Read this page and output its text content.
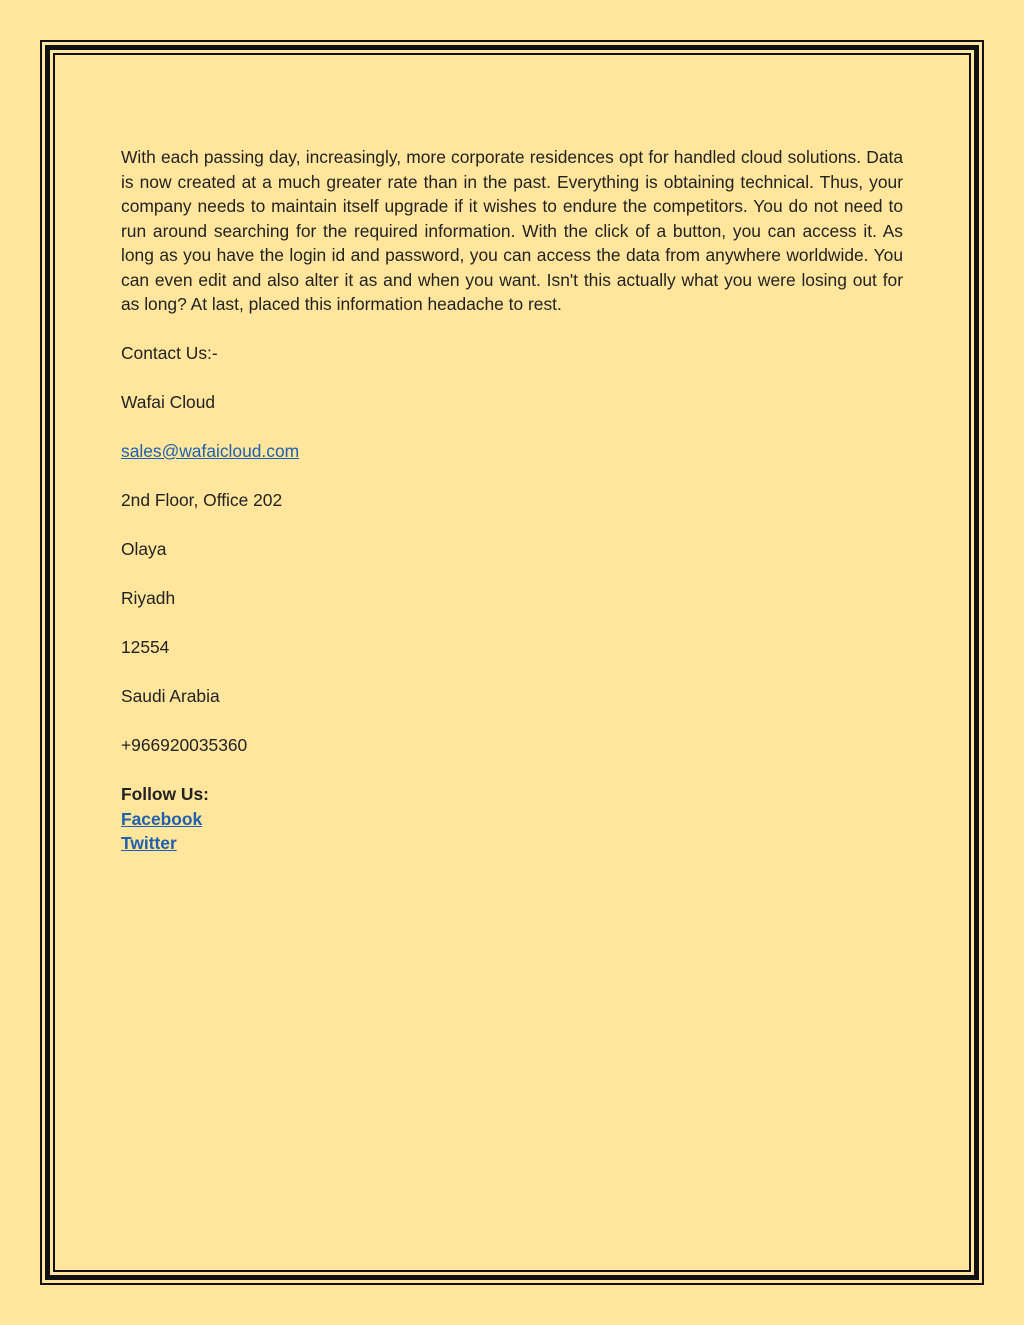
With each passing day, increasingly, more corporate residences opt for handled cloud solutions. Data is now created at a much greater rate than in the past. Everything is obtaining technical. Thus, your company needs to maintain itself upgrade if it wishes to endure the competitors. You do not need to run around searching for the required information. With the click of a button, you can access it. As long as you have the login id and password, you can access the data from anywhere worldwide. You can even edit and also alter it as and when you want. Isn't this actually what you were losing out for as long? At last, placed this information headache to rest.

Contact Us:-
Wafai Cloud
sales@wafaicloud.com
2nd Floor, Office 202
Olaya
Riyadh
12554
Saudi Arabia
+966920035360
Follow Us:
Facebook
Twitter
